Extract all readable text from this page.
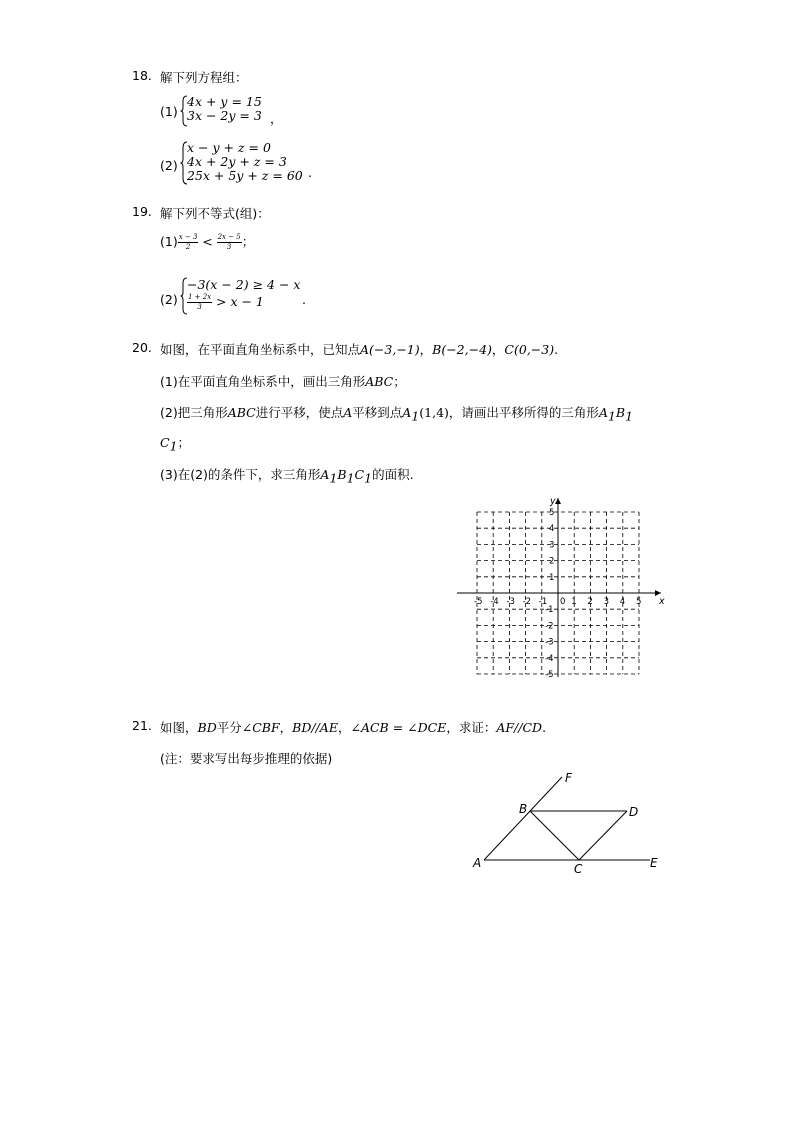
18. 解下列方程组：
(1)
4x + y = 15
3x − 2y = 3 ，
(2)
x − y + z = 0
4x + 2y + z = 3
25x + 5y + z = 60 .
19. 解下列不等式(组)：
$(1) \frac{x - 3}{2} < \frac{2x - 5}{3}$ ；
(2)
−3(x − 2) ≥ 4 − x
$\frac{1 + 2x}{3} > x - 1$	.
20. 如图，在平面直角坐标系中，已知点A(−3,−1)，B(−2,−4)，C(0,−3).
(1)在平面直角坐标系中，画出三角形ABC；
(2)把三角形ABC进行平移，使点A平移到点$A_1(1,4)$，请画出平移所得的三角形$A_1B_1$
$C_1$；
(3)在(2)的条件下，求三角形$A_1B_1C_1$的面积.
-5 -4 -3 -2 -1	1 2 3 4 5
5
4
3
2
1
-1
-2
-3
-4
-5
0	x
y
21. 如图，BD平分∠CBF，BD//AE，∠ACB = ∠DCE，求证：AF//CD.
(注：要求写出每步推理的依据)
F
B	D
A	C	E
